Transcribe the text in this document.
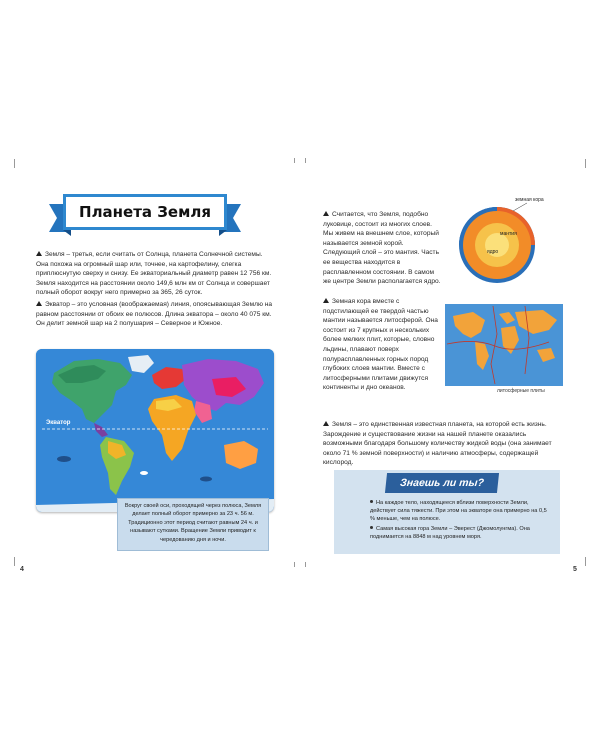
Планета Земля
Земля – третья, если считать от Солнца, планета Солнечной системы. Она похожа на огромный шар или, точнее, на картофелину, слегка приплюснутую сверху и снизу. Ее экваториальный диаметр равен 12 756 км. Земля находится на расстоянии около 149,6 млн км от Солнца и совершает полный оборот вокруг него примерно за 365, 26 суток.
Экватор – это условная (воображаемая) линия, опоясывающая Землю на равном расстоянии от обоих ее полюсов. Длина экватора – около 40 075 км. Он делит земной шар на 2 полушария – Северное и Южное.
Экватор
Вокруг своей оси, проходящей через полюса, Земля делает полный оборот примерно за 23 ч. 56 м. Традиционно этот период считают равным 24 ч. и называют сутками. Вращение Земли приводит к чередованию дня и ночи.
Считается, что Земля, подобно луковице, состоит из многих слоев. Мы живем на внешнем слое, который называется земной корой. Следующий слой – это мантия. Часть ее вещества находится в расплавленном состоянии. В самом же центре Земли располагается ядро.
Земная кора вместе с подстилающей ее твердой частью мантии называется литосферой. Она состоит из 7 крупных и нескольких более мелких плит, которые, словно льдины, плавают поверх полурасплавленных горных пород глубоких слоев мантии. Вместе с литосферными плитами движутся континенты и дно океанов.
земная кора
мантия
ядро
литосферные плиты
Земля – это единственная известная планета, на которой есть жизнь. Зарождение и существование жизни на нашей планете оказались возможными благодаря большому количеству жидкой воды (она занимает около 71 % земной поверхности) и наличию атмосферы, содержащей кислород.
Знаешь ли ты?
На каждое тело, находящееся вблизи поверхности Земли, действует сила тяжести. При этом на экваторе она примерно на 0,5 % меньше, чем на полюсе.
Самая высокая гора Земли – Эверест (Джомолунгма). Она поднимается на 8848 м над уровнем моря.
4	5
